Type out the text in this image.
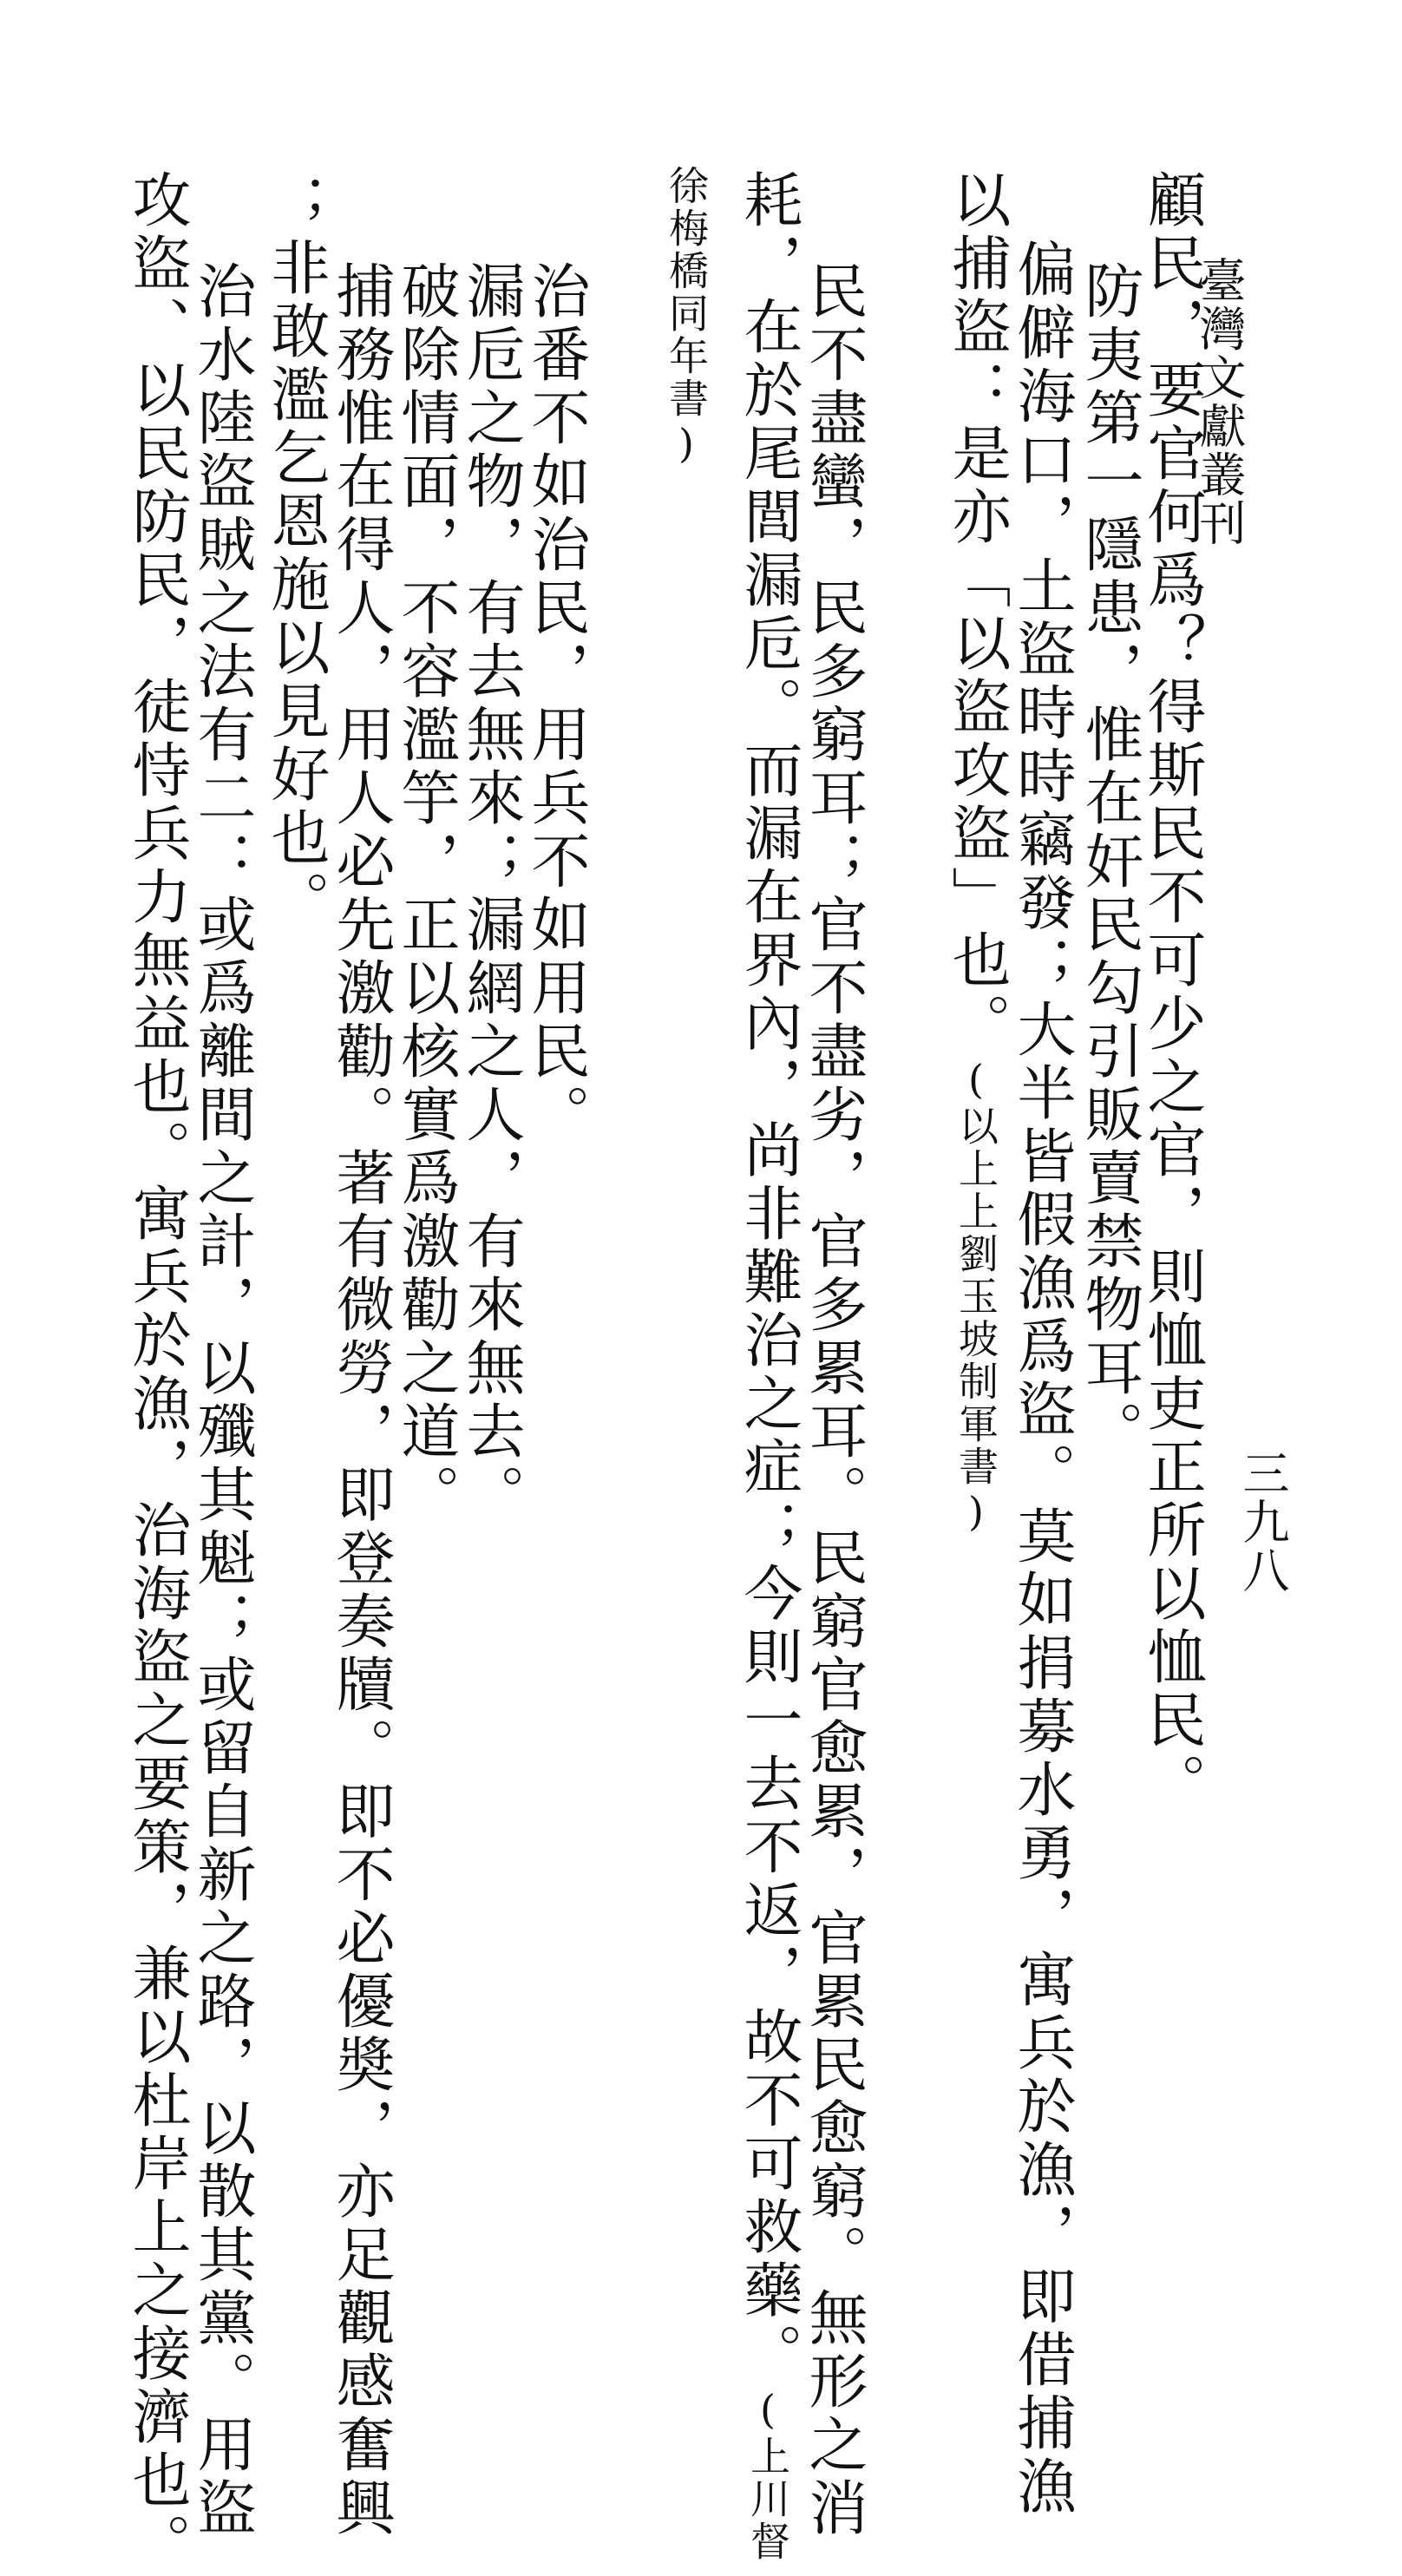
臺灣文獻叢刊
三九八
顧民，要官何爲？得斯民不可少之官，則恤吏正所以恤民。
防夷第一隱患，惟在奸民勾引販賣禁物耳。
偏僻海口，土盜時時竊發；大半皆假漁爲盜。莫如捐募水勇，寓兵於漁，即借捕漁
以捕盜：是亦「以盜攻盜」也。(以上上劉玉坡制軍書)
民不盡蠻，民多窮耳；官不盡劣，官多累耳。民窮官愈累，官累民愈窮。無形之消
耗，在於尾閭漏卮。而漏在界內，尚非難治之症；今則一去不返，故不可救藥。(上川督
徐梅橋同年書)
治番不如治民，用兵不如用民。
漏卮之物，有去無來；漏網之人，有來無去。
破除情面，不容濫竽，正以核實爲激勸之道。
捕務惟在得人，用人必先激勸。著有微勞，即登奏牘。即不必優奬，亦足觀感奮興
；非敢濫乞恩施以見好也。
治水陸盜賊之法有二：或爲離間之計，以殲其魁；或留自新之路，以散其黨。用盜
攻盜、以民防民，徒恃兵力無益也。寓兵於漁，治海盜之要策，兼以杜岸上之接濟也。
